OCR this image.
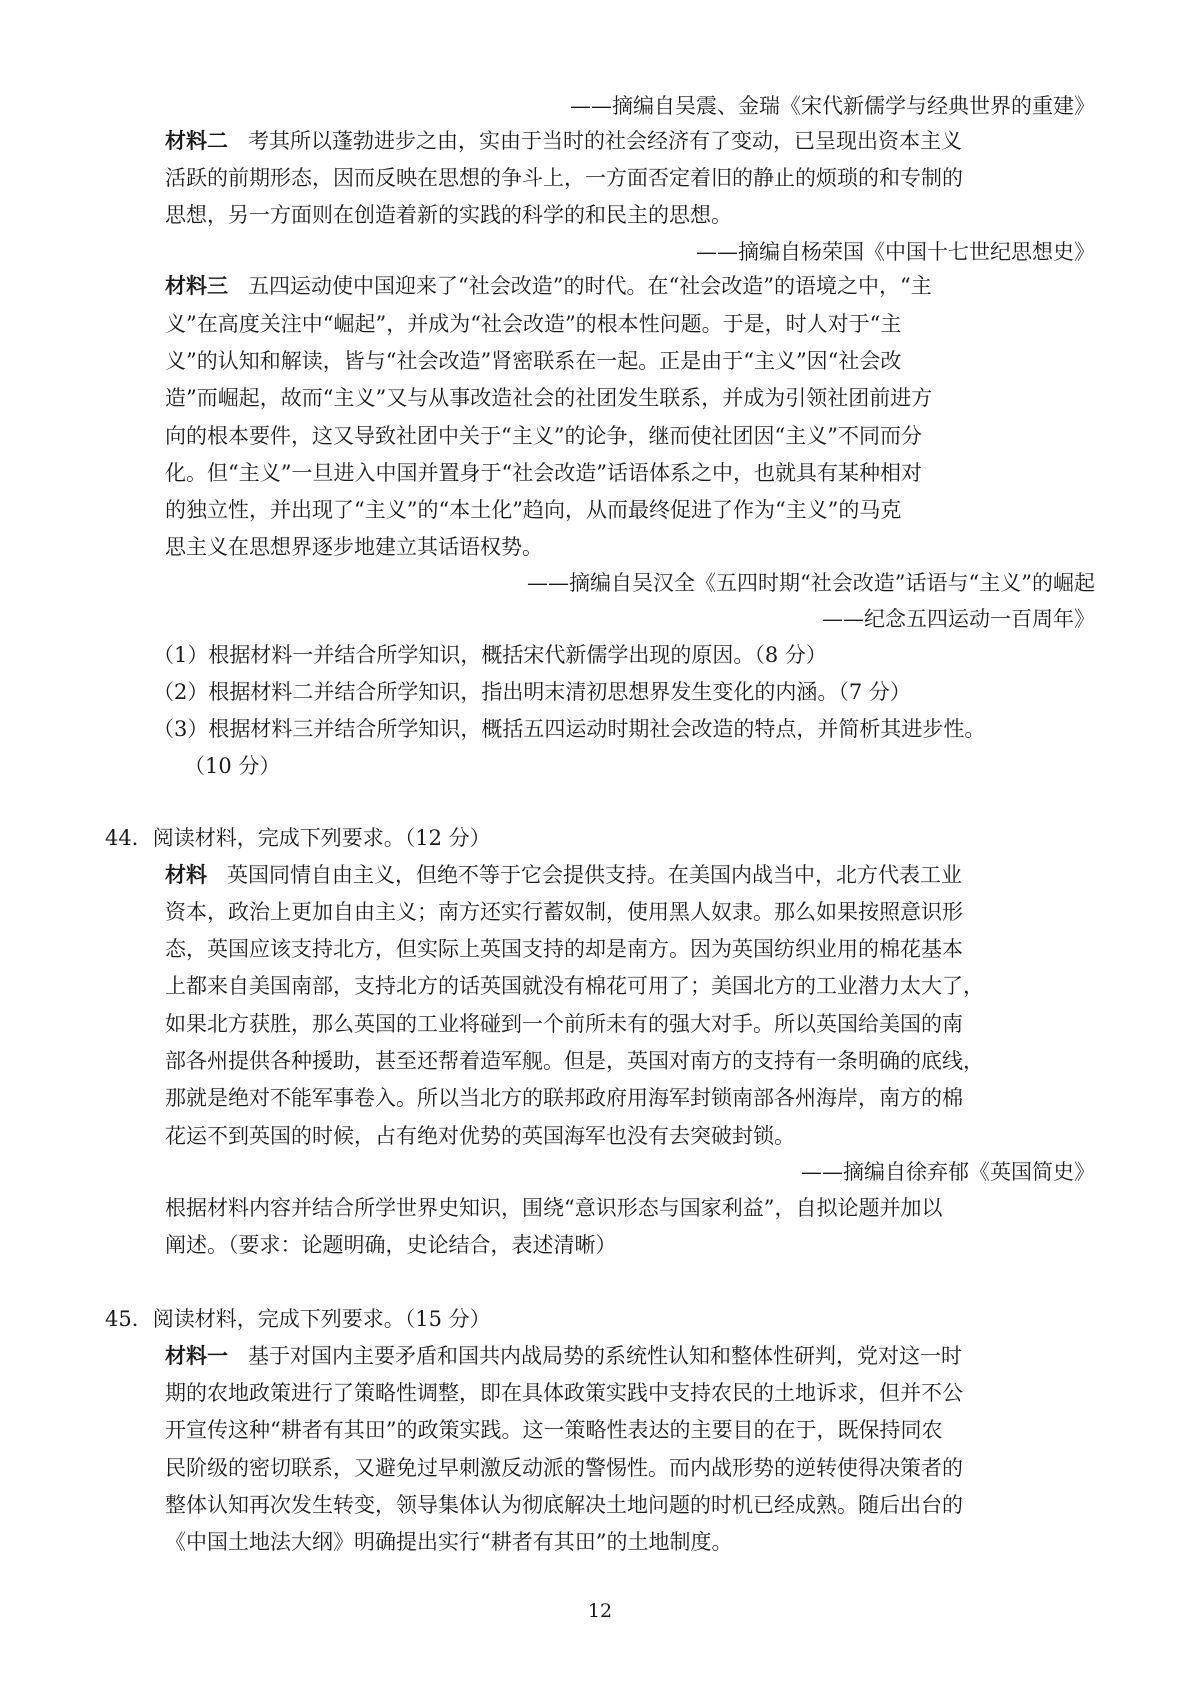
——摘编自吴震、金瑞《宋代新儒学与经典世界的重建》
材料二 考其所以蓬勃进步之由，实由于当时的社会经济有了变动，已呈现出资本主义
活跃的前期形态，因而反映在思想的争斗上，一方面否定着旧的静止的烦琐的和专制的
思想，另一方面则在创造着新的实践的科学的和民主的思想。
——摘编自杨荣国《中国十七世纪思想史》
材料三 五四运动使中国迎来了“社会改造”的时代。在“社会改造”的语境之中，“主
义”在高度关注中“崛起”，并成为“社会改造”的根本性问题。于是，时人对于“主
义”的认知和解读，皆与“社会改造”肾密联系在一起。正是由于“主义”因“社会改
造”而崛起，故而“主义”又与从事改造社会的社团发生联系，并成为引领社团前进方
向的根本要件，这又导致社团中关于“主义”的论争，继而使社团因“主义”不同而分
化。但“主义”一旦进入中国并置身于“社会改造”话语体系之中，也就具有某种相对
的独立性，并出现了“主义”的“本土化”趋向，从而最终促进了作为“主义”的马克
思主义在思想界逐步地建立其话语权势。
——摘编自吴汉全《五四时期“社会改造”话语与“主义”的崛起
——纪念五四运动一百周年》
（1）根据材料一并结合所学知识，概括宋代新儒学出现的原因。（8 分）
（2）根据材料二并结合所学知识，指出明末清初思想界发生变化的内涵。（7 分）
（3）根据材料三并结合所学知识，概括五四运动时期社会改造的特点，并简析其进步性。
（10 分）
44．阅读材料，完成下列要求。（12 分）
材料 英国同情自由主义，但绝不等于它会提供支持。在美国内战当中，北方代表工业
资本，政治上更加自由主义；南方还实行蓄奴制，使用黑人奴隶。那么如果按照意识形
态，英国应该支持北方，但实际上英国支持的却是南方。因为英国纺织业用的棉花基本
上都来自美国南部，支持北方的话英国就没有棉花可用了；美国北方的工业潜力太大了，
如果北方获胜，那么英国的工业将碰到一个前所未有的强大对手。所以英国给美国的南
部各州提供各种援助，甚至还帮着造军舰。但是，英国对南方的支持有一条明确的底线，
那就是绝对不能军事卷入。所以当北方的联邦政府用海军封锁南部各州海岸，南方的棉
花运不到英国的时候，占有绝对优势的英国海军也没有去突破封锁。
——摘编自徐弃郁《英国简史》
根据材料内容并结合所学世界史知识，围绕“意识形态与国家利益”，自拟论题并加以
阐述。（要求：论题明确，史论结合，表述清晰）
45．阅读材料，完成下列要求。（15 分）
材料一 基于对国内主要矛盾和国共内战局势的系统性认知和整体性研判，党对这一时
期的农地政策进行了策略性调整，即在具体政策实践中支持农民的土地诉求，但并不公
开宣传这种“耕者有其田”的政策实践。这一策略性表达的主要目的在于，既保持同农
民阶级的密切联系，又避免过早刺激反动派的警惕性。而内战形势的逆转使得决策者的
整体认知再次发生转变，领导集体认为彻底解决土地问题的时机已经成熟。随后出台的
《中国土地法大纲》明确提出实行“耕者有其田”的土地制度。
12
